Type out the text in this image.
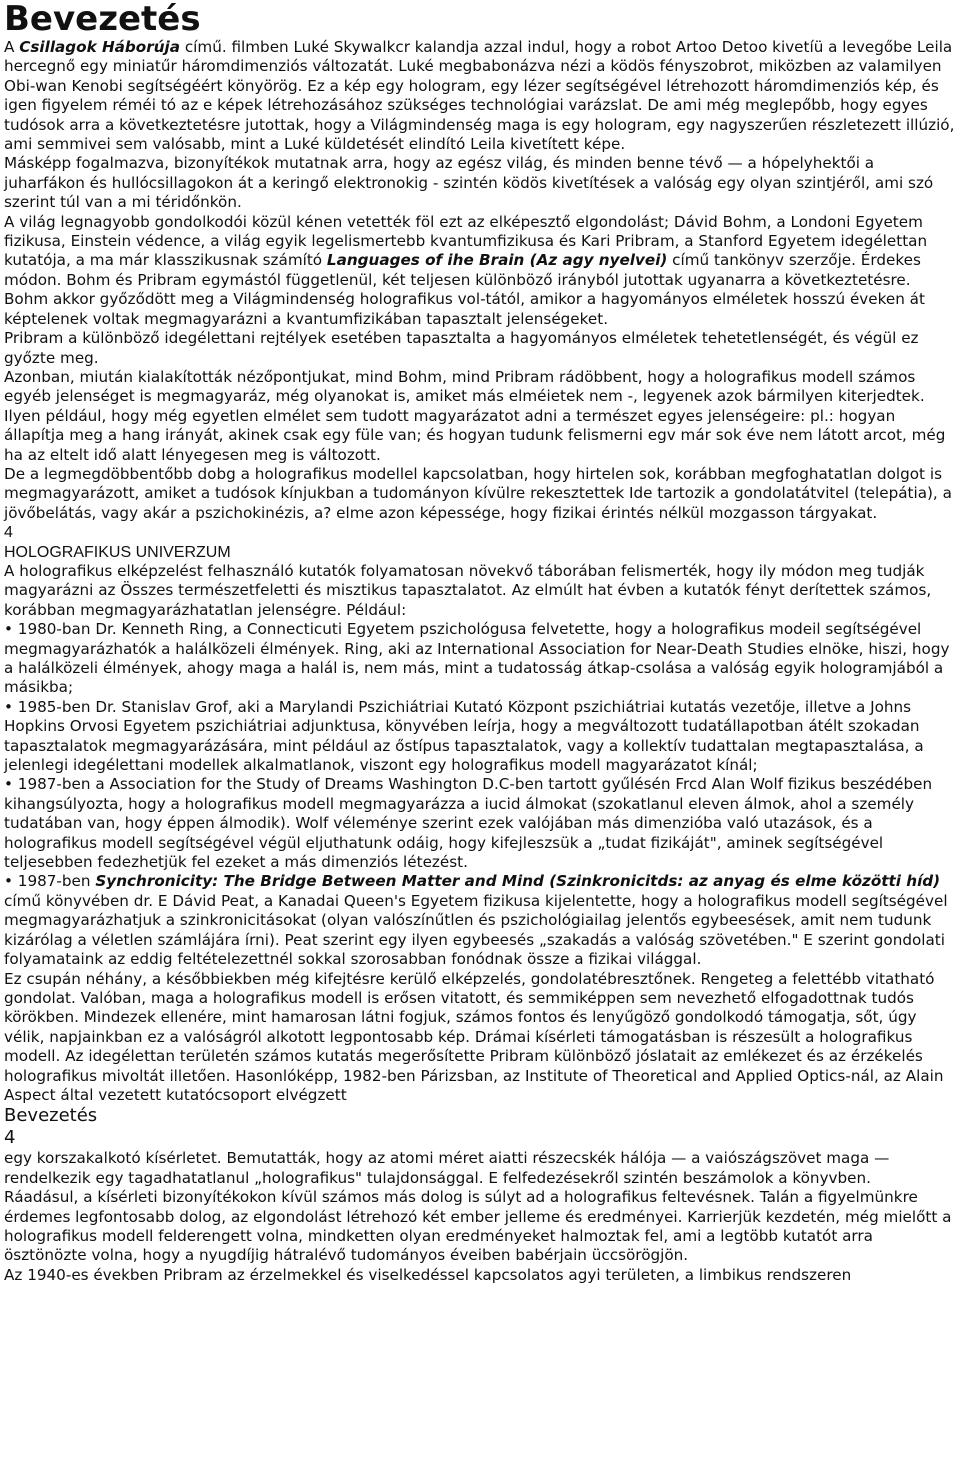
Bevezetés

A Csillagok Háborúja című. filmben Luké Skywalkcr kalandja azzal indul, hogy a robot Artoo Detoo kivetíü a levegőbe Leila hercegnő egy miniatűr háromdimenziós változatát. Luké megbabonázva nézi a ködös fényszobrot, miközben az valamilyen Obi-wan Kenobi segítségéért könyörög. Ez a kép egy hologram, egy lézer segítségével létrehozott háromdimenziós kép, és igen figyelem réméi tó az e képek létrehozásához szükséges technológiai varázslat. De ami még meglepőbb, hogy egyes tudósok arra a következtetésre jutottak, hogy a Világmindenség maga is egy hologram, egy nagyszerűen részletezett illúzió, ami semmivei sem valósabb, mint a Luké küldetését elindító Leila kivetített képe.

Másképp fogalmazva, bizonyítékok mutatnak arra, hogy az egész világ, és minden benne tévő — a hópelyhektői a juharfákon és hullócsillagokon át a keringő elektronokig - szintén ködös kivetítések a valóság egy olyan szintjéről, ami szó szerint túl van a mi téridőnkön.

A világ legnagyobb gondolkodói közül kénen vetették föl ezt az elképesztő elgondolást; Dávid Bohm, a Londoni Egyetem fizikusa, Einstein védence, a világ egyik legelismertebb kvantumfizikusa és Kari Pribram, a Stanford Egyetem idegélettan kutatója, a ma már klasszikusnak számító Languages of ihe Brain (Az agy nyelvei) című tankönyv szerzője. Érdekes módon. Bohm és Pribram egymástól függetlenül, két teljesen különböző irányból jutottak ugyanarra a következtetésre. Bohm akkor győződött meg a Világmindenség holografikus vol-tától, amikor a hagyományos elméletek hosszú éveken át képtelenek voltak megmagyarázni a kvantumfizikában tapasztalt jelenségeket.

Pribram a különböző idegélettani rejtélyek esetében tapasztalta a hagyományos elméletek tehetetlenségét, és végül ez győzte meg.

Azonban, miután kialakították nézőpontjukat, mind Bohm, mind Pribram rádöbbent, hogy a holografikus modell számos egyéb jelenséget is megmagyaráz, még olyanokat is, amiket más elméietek nem -, legyenek azok bármilyen kiterjedtek. Ilyen például, hogy még egyetlen elmélet sem tudott magyarázatot adni a természet egyes jelenségeire: pl.: hogyan állapítja meg a hang irányát, akinek csak egy füle van; és hogyan tudunk felismerni egv már sok éve nem látott arcot, még ha az eltelt idő alatt lényegesen meg is változott.

De a legmegdöbbentőbb dobg a holografikus modellel kapcsolatban, hogy hirtelen sok, korábban megfoghatatlan dolgot is megmagyarázott, amiket a tudósok kínjukban a tudományon kívülre rekesztettek Ide tartozik a gondolatátvitel (telepátia), a jövőbelátás, vagy akár a pszichokinézis, a? elme azon képessége, hogy fizikai érintés nélkül mozgasson tárgyakat.

4

HOLOGRAFIKUS UNIVERZUM

A holografikus elképzelést felhasználó kutatók folyamatosan növekvő táborában felismerték, hogy ily módon meg tudják magyarázni az Összes természetfeletti és misztikus tapasztalatot. Az elmúlt hat évben a kutatók fényt derítettek számos, korábban megmagyarázhatatlan jelenségre. Például:

• 1980-ban Dr. Kenneth Ring, a Connecticuti Egyetem pszichológusa felvetette, hogy a holografikus modeil segítségével megmagyarázhatók a halálközeli élmények. Ring, aki az International Association for Near-Death Studies elnöke, hiszi, hogy a halálközeli élmények, ahogy maga a halál is, nem más, mint a tudatosság átkap-csolása a valóság egyik hologramjából a másikba;

• 1985-ben Dr. Stanislav Grof, aki a Marylandi Pszichiátriai Kutató Központ pszichiátriai kutatás vezetője, illetve a Johns Hopkins Orvosi Egyetem pszichiátriai adjunktusa, könyvében leírja, hogy a megváltozott tudatállapotban átélt szokadan tapasztalatok megmagyarázására, mint például az őstípus tapasztalatok, vagy a kollektív tudattalan megtapasztalása, a jelenlegi idegélettani modellek alkalmatlanok, viszont egy holografikus modell magyarázatot kínál;

• 1987-ben a Association for the Study of Dreams Washington D.C-ben tartott gyűlésén Frcd Alan Wolf fizikus beszédében kihangsúlyozta, hogy a holografikus modell megmagyarázza a iucid álmokat (szokatlanul eleven álmok, ahol a személy tudatában van, hogy éppen álmodik). Wolf véleménye szerint ezek valójában más dimenzióba való utazások, és a holografikus modell segítségével végül eljuthatunk odáig, hogy kifejleszsük a „tudat fizikáját", aminek segítségével teljesebben fedezhetjük fel ezeket a más dimenziós létezést.

• 1987-ben Synchronicity: The Bridge Between Matter and Mind (Szinkronicitds: az anyag és elme közötti híd) című könyvében dr. E Dávid Peat, a Kanadai Queen's Egyetem fizikusa kijelentette, hogy a holografikus modell segítségével megmagyarázhatjuk a szinkronicitásokat (olyan valószínűtlen és pszichológiailag jelentős egybeesések, amit nem tudunk kizárólag a véletlen számlájára írni). Peat szerint egy ilyen egybeesés „szakadás a valóság szövetében." E szerint gondolati folyamataink az eddig feltételezettnél sokkal szorosabban fonódnak össze a fizikai világgal.

Ez csupán néhány, a későbbiekben még kifejtésre kerülő elképzelés, gondolatébresztőnek. Rengeteg a felettébb vitatható gondolat. Valóban, maga a holografikus modell is erősen vitatott, és semmiképpen sem nevezhető elfogadottnak tudós körökben. Mindezek ellenére, mint hamarosan látni fogjuk, számos fontos és lenyűgöző gondolkodó támogatja, sőt, úgy vélik, napjainkban ez a valóságról alkotott legpontosabb kép. Drámai kísérleti támogatásban is részesült a holografikus modell. Az idegélettan területén számos kutatás megerősítette Pribram különböző jóslatait az emlékezet és az érzékelés holografikus mivoltát illetően. Hasonlóképp, 1982-ben Párizsban, az Institute of Theoretical and Applied Optics-nál, az Alain Aspect által vezetett kutatócsoport elvégzett

Bevezetés

4

egy korszakalkotó kísérletet. Bemutatták, hogy az atomi méret aiatti részecskék hálója — a vaiószágszövet maga — rendelkezik egy tagadhatatlanul „holografikus" tulajdonsággal. E felfedezésekről szintén beszámolok a könyvben.

Ráadásul, a kísérleti bizonyítékokon kívül számos más dolog is súlyt ad a holografikus feltevésnek. Talán a figyelmünkre érdemes legfontosabb dolog, az elgondolást létrehozó két ember jelleme és eredményei. Karrierjük kezdetén, még mielőtt a holografikus modell felderengett volna, mindketten olyan eredményeket halmoztak fel, ami a legtöbb kutatót arra ösztönözte volna, hogy a nyugdíjig hátralévő tudományos éveiben babérjain üccsörögjön.

Az 1940-es években Pribram az érzelmekkel és viselkedéssel kapcsolatos agyi területen, a limbikus rendszeren
